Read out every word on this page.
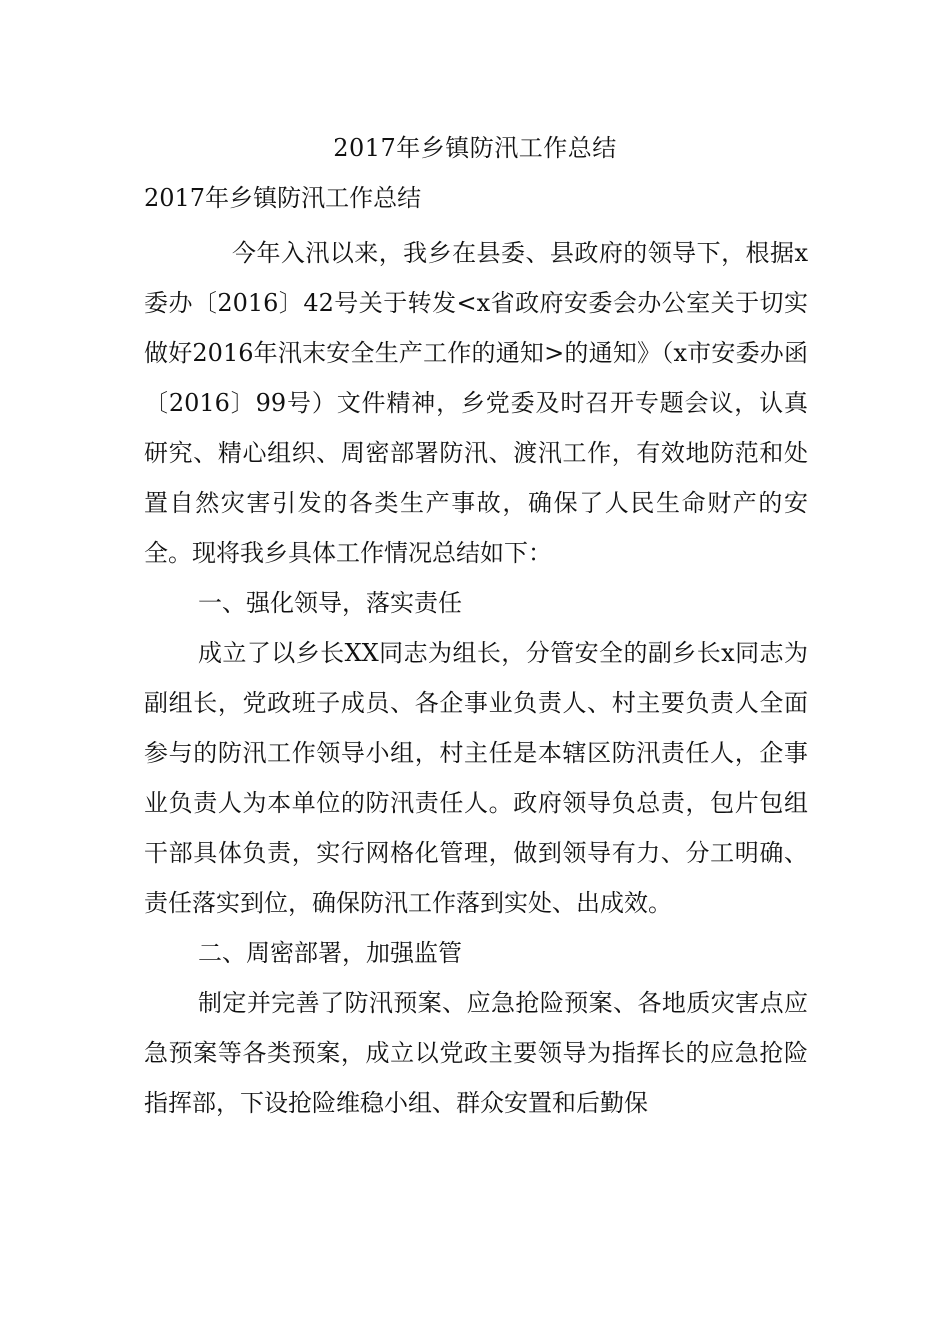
2017年乡镇防汛工作总结
2017年乡镇防汛工作总结

今年入汛以来，我乡在县委、县政府的领导下，根据x委办〔2016〕42号关于转发<x省政府安委会办公室关于切实做好2016年汛末安全生产工作的通知>的通知》（x市安委办函〔2016〕99号）文件精神，乡党委及时召开专题会议，认真研究、精心组织、周密部署防汛、渡汛工作，有效地防范和处置自然灾害引发的各类生产事故，确保了人民生命财产的安全。现将我乡具体工作情况总结如下：

一、强化领导，落实责任

成立了以乡长XX同志为组长，分管安全的副乡长x同志为副组长，党政班子成员、各企事业负责人、村主要负责人全面参与的防汛工作领导小组，村主任是本辖区防汛责任人，企事业负责人为本单位的防汛责任人。政府领导负总责，包片包组干部具体负责，实行网格化管理，做到领导有力、分工明确、责任落实到位，确保防汛工作落到实处、出成效。

二、周密部署，加强监管

制定并完善了防汛预案、应急抢险预案、各地质灾害点应急预案等各类预案，成立以党政主要领导为指挥长的应急抢险指挥部，下设抢险维稳小组、群众安置和后勤保
